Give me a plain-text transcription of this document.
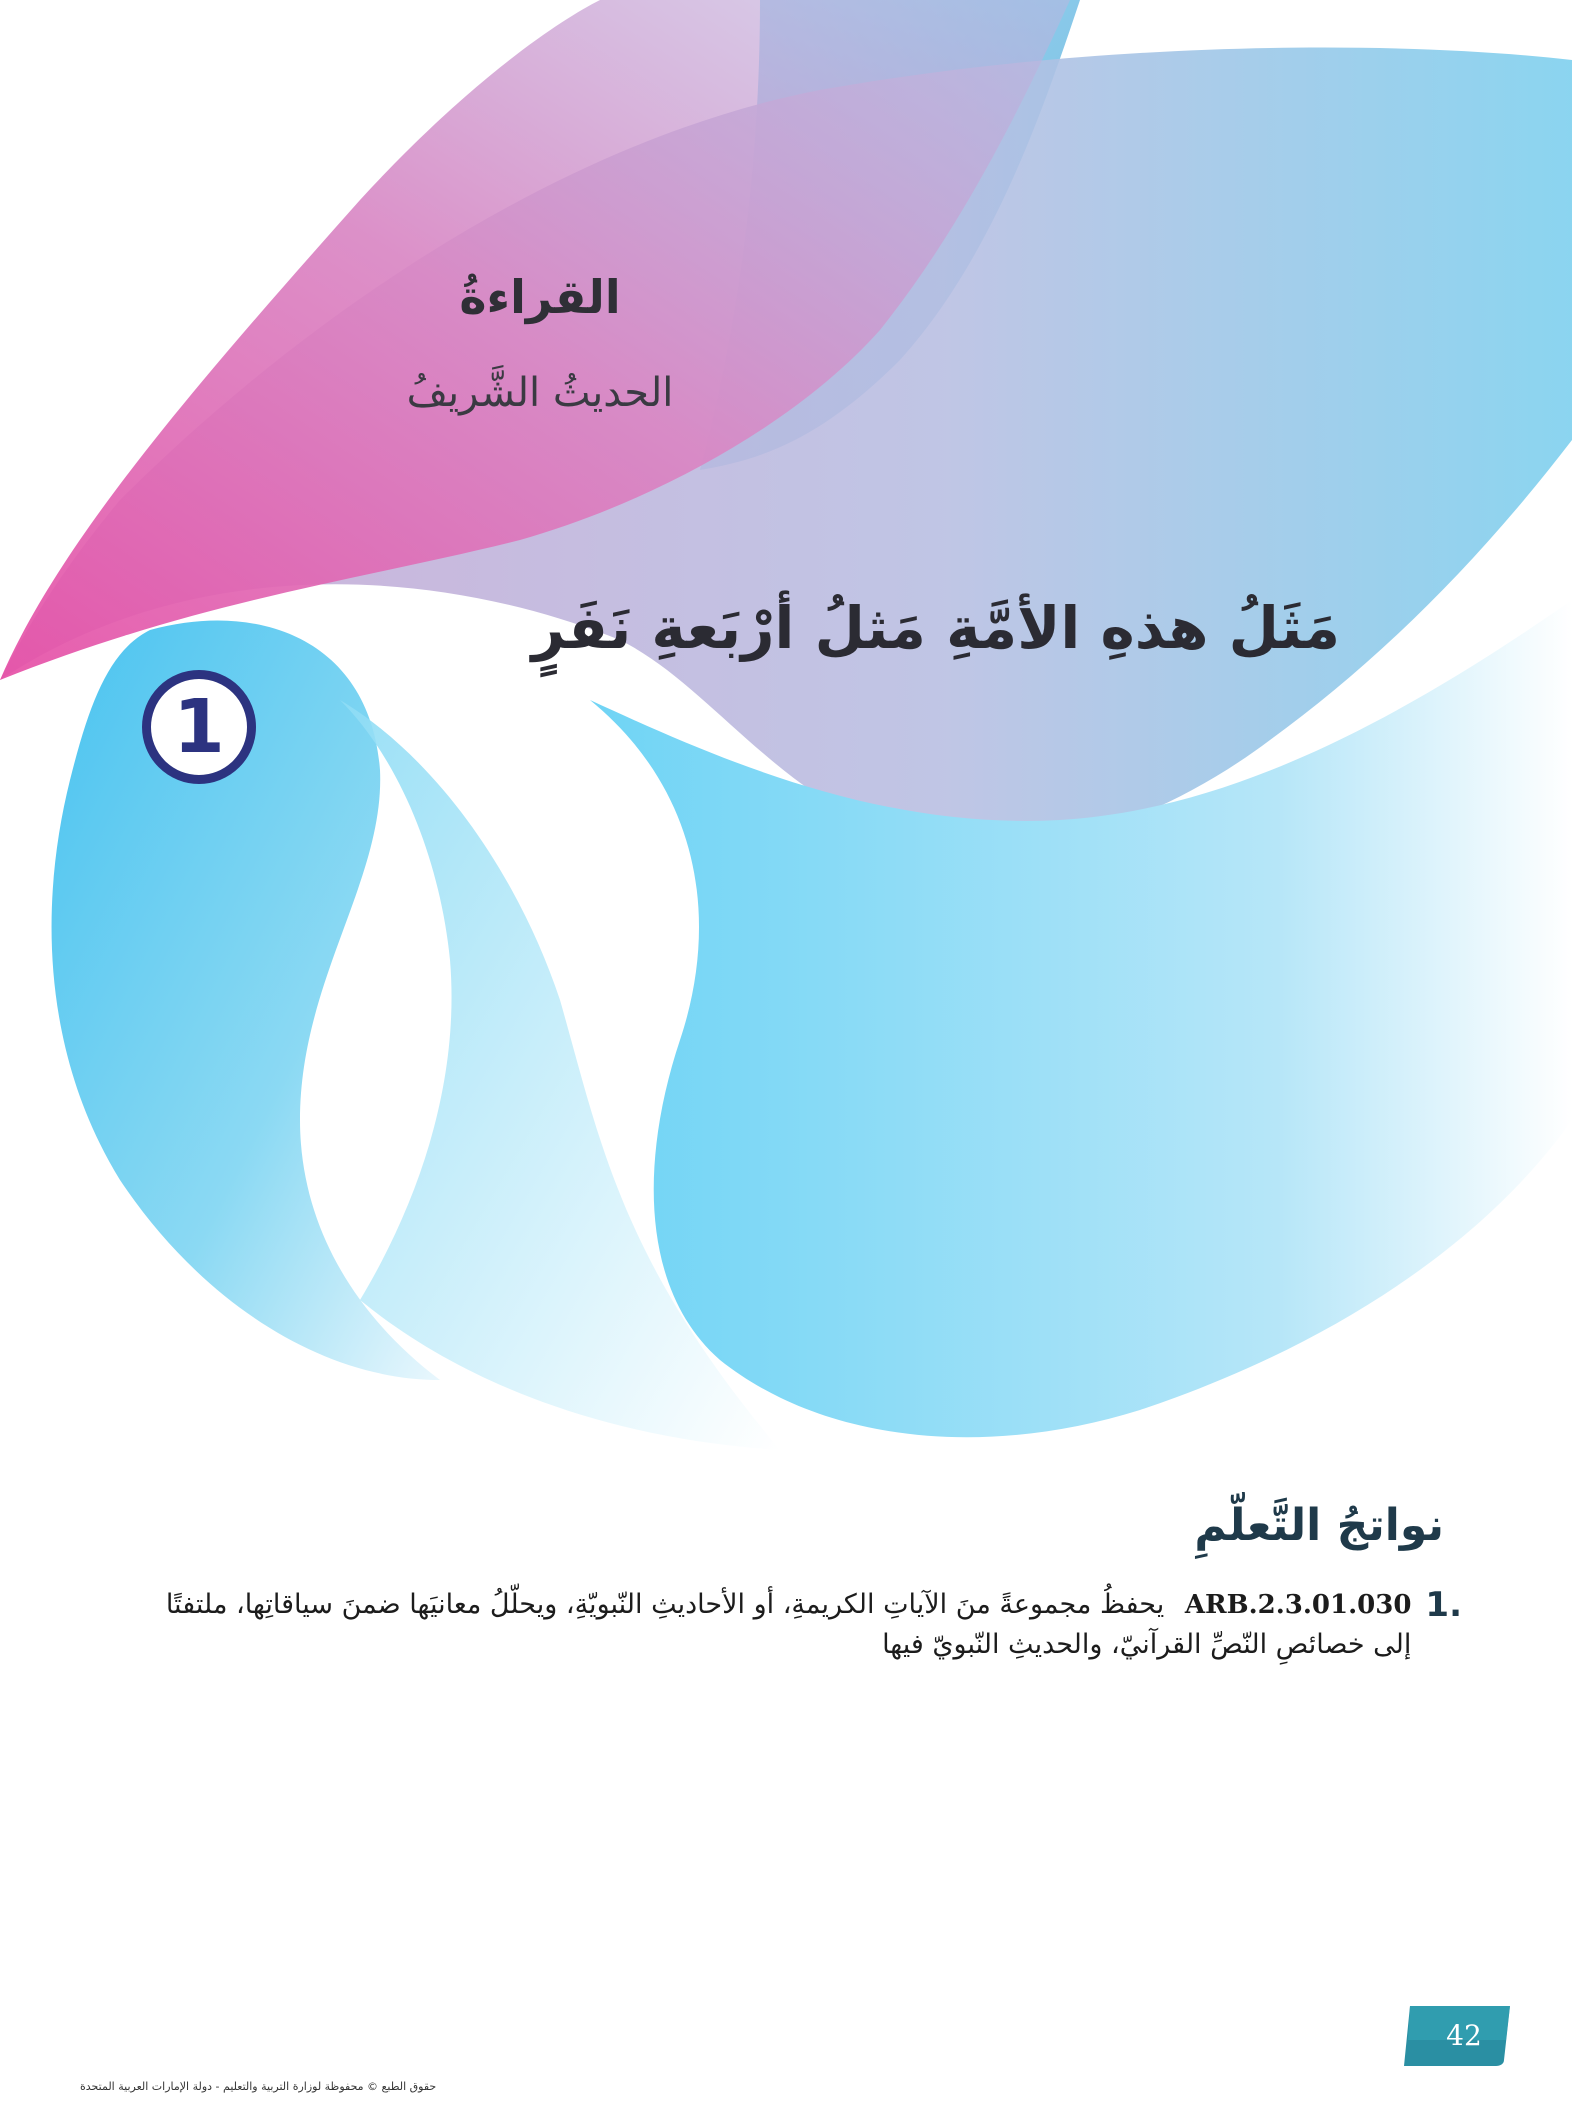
القراءةُ
الحديثُ الشَّريفُ
مَثَلُ هذهِ الأمَّةِ مَثلُ أرْبَعةِ نَفَرٍ
1
نواتجُ التَّعلّمِ
1.
ARB.2.3.01.030 يحفظُ مجموعةً منَ الآياتِ الكريمةِ، أو الأحاديثِ النّبويّةِ، ويحلّلُ معانيَها ضمنَ سياقاتِها، ملتفتًا إلى خصائصِ النّصِّ القرآنيّ، والحديثِ النّبويّ فيها
42
حقوق الطبع © محفوظة لوزارة التربية والتعليم - دولة الإمارات العربية المتحدة
